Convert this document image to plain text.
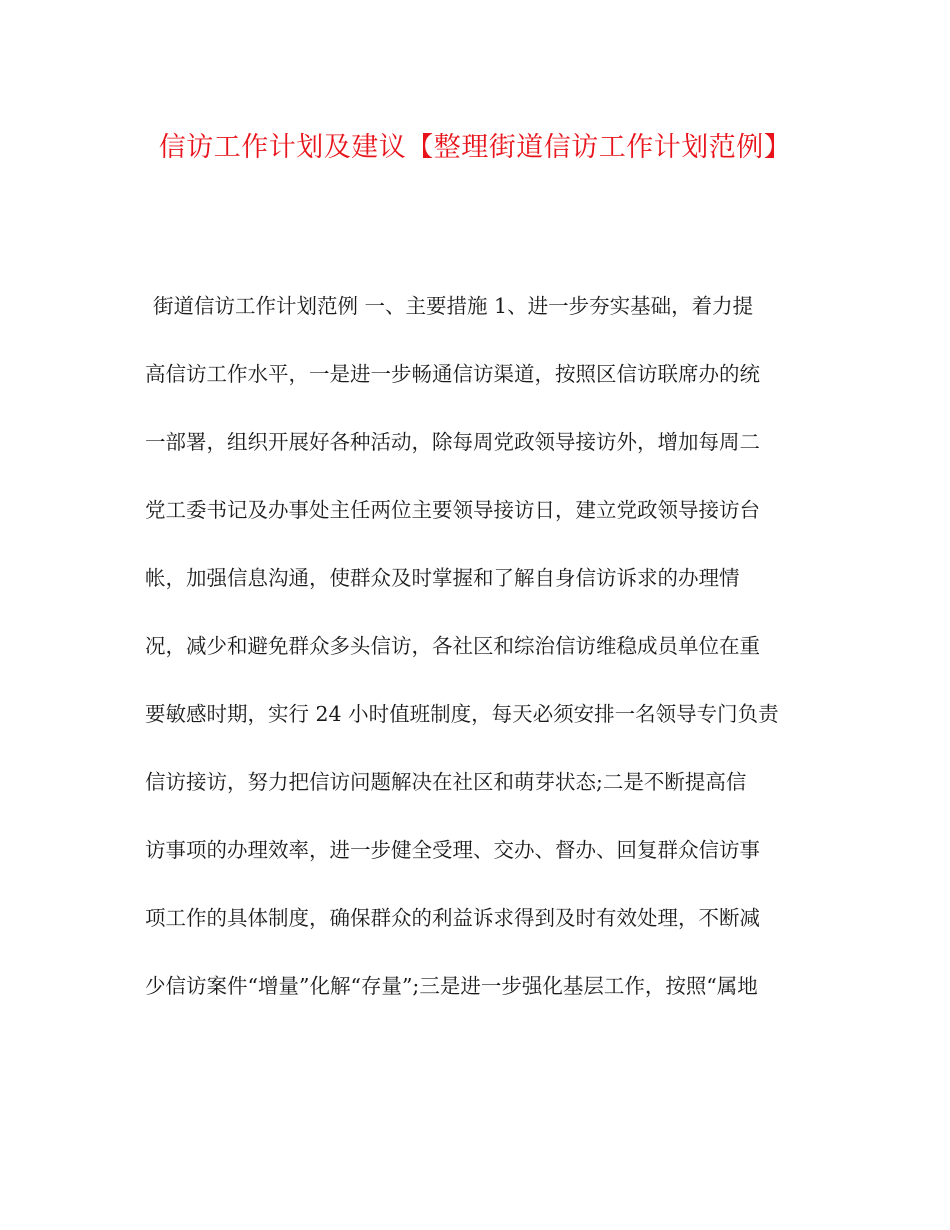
信访工作计划及建议【整理街道信访工作计划范例】
街道信访工作计划范例 一、主要措施 1、进一步夯实基础，着力提
高信访工作水平，一是进一步畅通信访渠道，按照区信访联席办的统
一部署，组织开展好各种活动，除每周党政领导接访外，增加每周二
党工委书记及办事处主任两位主要领导接访日，建立党政领导接访台
帐，加强信息沟通，使群众及时掌握和了解自身信访诉求的办理情
况，减少和避免群众多头信访，各社区和综治信访维稳成员单位在重
要敏感时期，实行 24 小时值班制度，每天必须安排一名领导专门负责
信访接访，努力把信访问题解决在社区和萌芽状态;二是不断提高信
访事项的办理效率，进一步健全受理、交办、督办、回复群众信访事
项工作的具体制度，确保群众的利益诉求得到及时有效处理，不断减
少信访案件“增量”化解“存量”;三是进一步强化基层工作，按照“属地
